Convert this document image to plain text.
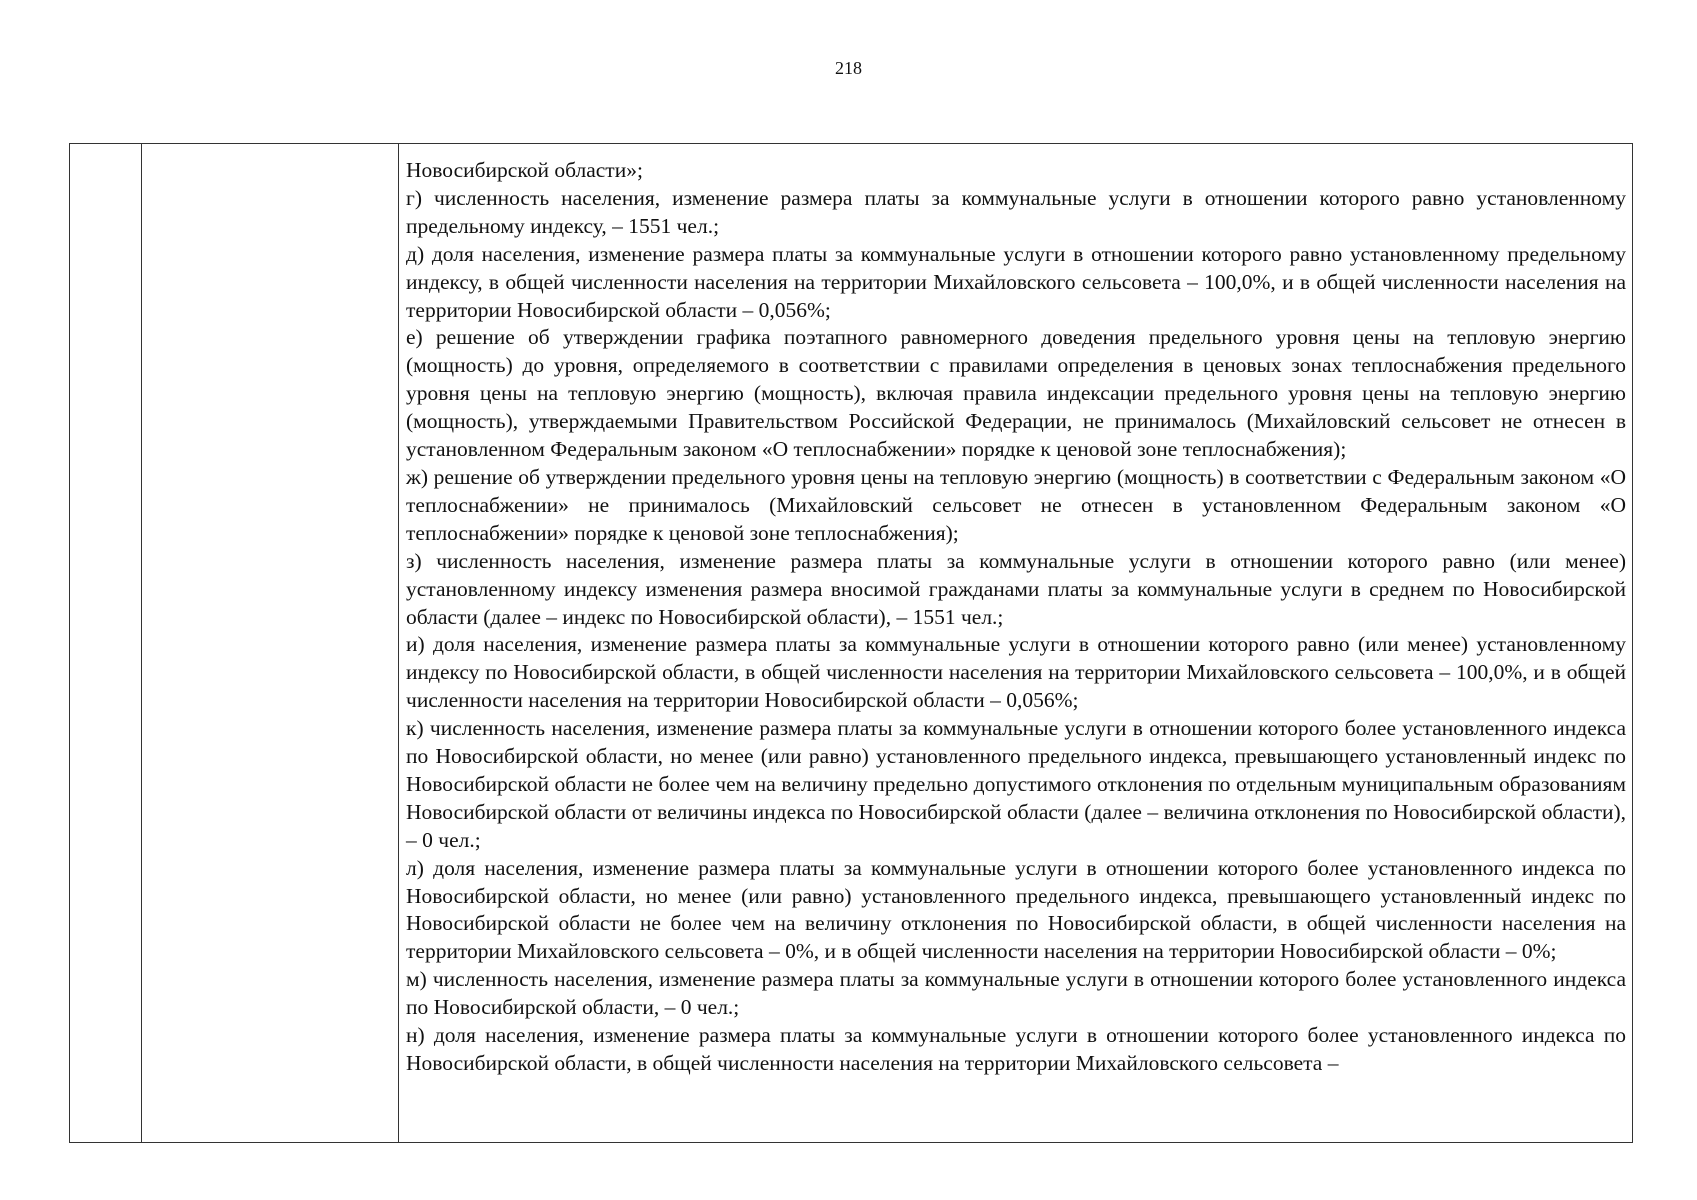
218

Новосибирской области»;

г) численность населения, изменение размера платы за коммунальные услуги в отношении которого равно установленному предельному индексу, – 1551 чел.;

д) доля населения, изменение размера платы за коммунальные услуги в отношении которого равно установленному предельному индексу, в общей численности населения на территории Михайловского сельсовета – 100,0%, и в общей численности населения на территории Новосибирской области – 0,056%;

е) решение об утверждении графика поэтапного равномерного доведения предельного уровня цены на тепловую энергию (мощность) до уровня, определяемого в соответствии с правилами определения в ценовых зонах теплоснабжения предельного уровня цены на тепловую энергию (мощность), включая правила индексации предельного уровня цены на тепловую энергию (мощность), утверждаемыми Правительством Российской Федерации, не принималось (Михайловский сельсовет не отнесен в установленном Федеральным законом «О теплоснабжении» порядке к ценовой зоне теплоснабжения);

ж) решение об утверждении предельного уровня цены на тепловую энергию (мощность) в соответствии с Федеральным законом «О теплоснабжении» не принималось (Михайловский сельсовет не отнесен в установленном Федеральным законом «О теплоснабжении» порядке к ценовой зоне теплоснабжения);

з) численность населения, изменение размера платы за коммунальные услуги в отношении которого равно (или менее) установленному индексу изменения размера вносимой гражданами платы за коммунальные услуги в среднем по Новосибирской области (далее – индекс по Новосибирской области), – 1551 чел.;

и) доля населения, изменение размера платы за коммунальные услуги в отношении которого равно (или менее) установленному индексу по Новосибирской области, в общей численности населения на территории Михайловского сельсовета – 100,0%, и в общей численности населения на территории Новосибирской области – 0,056%;

к) численность населения, изменение размера платы за коммунальные услуги в отношении которого более установленного индекса по Новосибирской области, но менее (или равно) установленного предельного индекса, превышающего установленный индекс по Новосибирской области не более чем на величину предельно допустимого отклонения по отдельным муниципальным образованиям Новосибирской области от величины индекса по Новосибирской области (далее – величина отклонения по Новосибирской области), – 0 чел.;

л) доля населения, изменение размера платы за коммунальные услуги в отношении которого более установленного индекса по Новосибирской области, но менее (или равно) установленного предельного индекса, превышающего установленный индекс по Новосибирской области не более чем на величину отклонения по Новосибирской области, в общей численности населения на территории Михайловского сельсовета – 0%, и в общей численности населения на территории Новосибирской области – 0%;

м) численность населения, изменение размера платы за коммунальные услуги в отношении которого более установленного индекса по Новосибирской области, – 0 чел.;

н) доля населения, изменение размера платы за коммунальные услуги в отношении которого более установленного индекса по Новосибирской области, в общей численности населения на территории Михайловского сельсовета –
